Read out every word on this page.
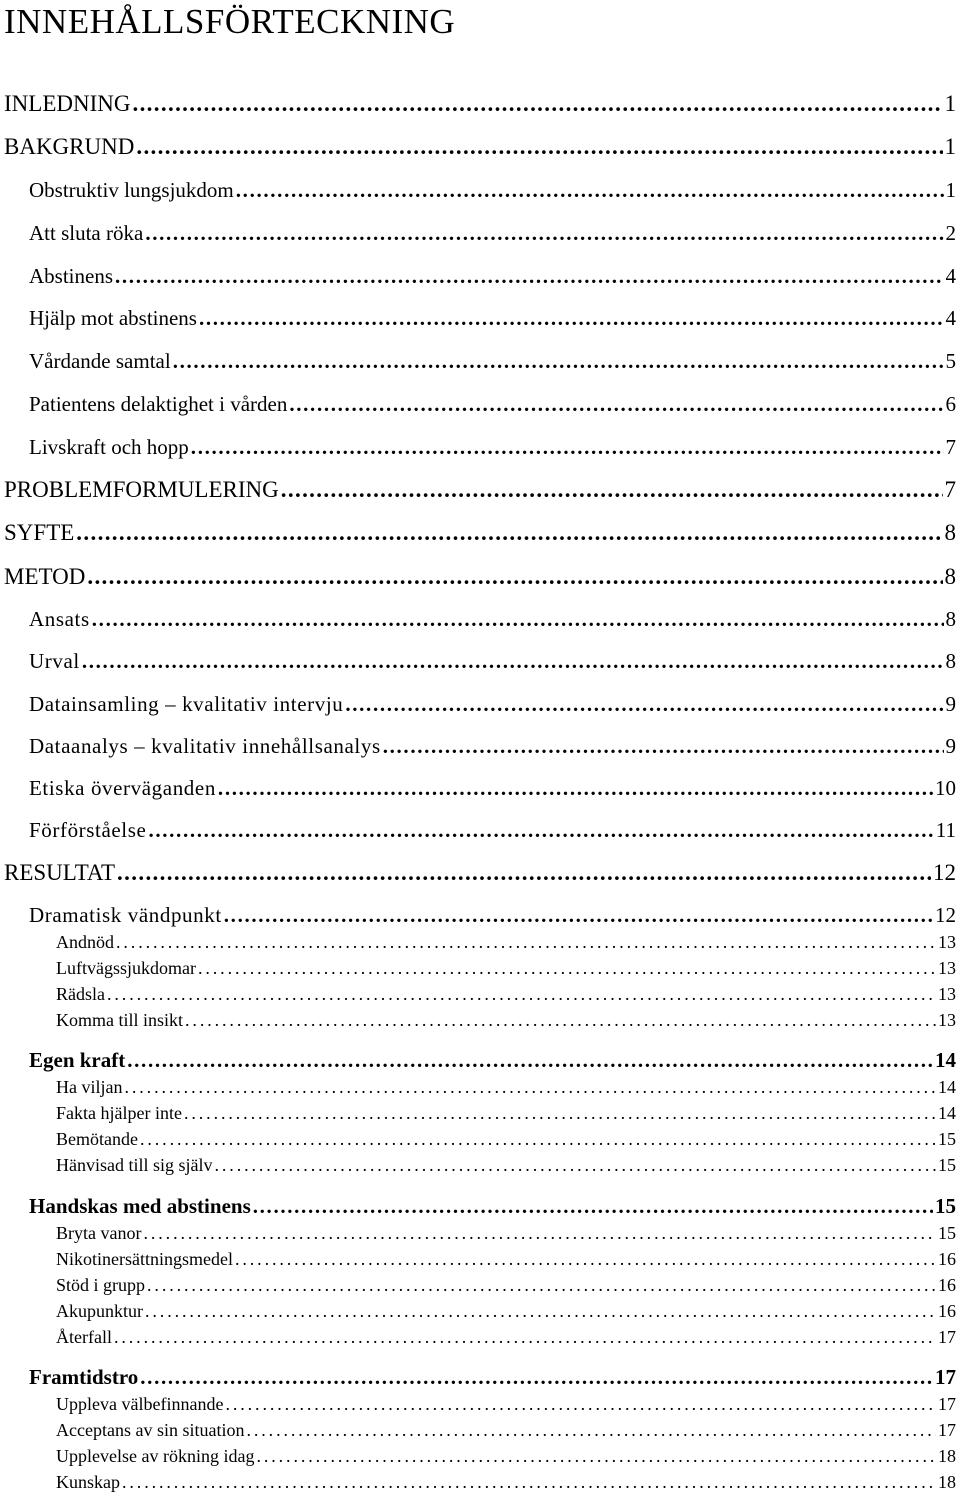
INNEHÅLLSFÖRTECKNING
INLEDNING . . .	1
BAKGRUND . . .	1
Obstruktiv lungsjukdom . . .	1
Att sluta röka . . .	2
Abstinens . . .	4
Hjälp mot abstinens . . .	4
Vårdande samtal . . .	5
Patientens delaktighet i vården . . .	6
Livskraft och hopp . . .	7
PROBLEMFORMULERING . . .	7
SYFTE . . .	8
METOD . . .	8
Ansats . . .	8
Urval . . .	8
Datainsamling – kvalitativ intervju . . .	9
Dataanalys – kvalitativ innehållsanalys . . .	9
Etiska överväganden . . .	10
Förförståelse . . .	11
RESULTAT . . .	12
Dramatisk vändpunkt . . .	12
Andnöd . . .	13
Luftvägssjukdomar . . .	13
Rädsla . . .	13
Komma till insikt . . .	13
Egen kraft . . .	14
Ha viljan . . .	14
Fakta hjälper inte . . .	14
Bemötande . . .	15
Hänvisad till sig själv . . .	15
Handskas med abstinens . . .	15
Bryta vanor . . .	15
Nikotinersättningsmedel . . .	16
Stöd i grupp . . .	16
Akupunktur . . .	16
Återfall . . .	17
Framtidstro . . .	17
Uppleva välbefinnande . . .	17
Acceptans av sin situation . . .	17
Upplevelse av rökning idag . . .	18
Kunskap . . .	18
